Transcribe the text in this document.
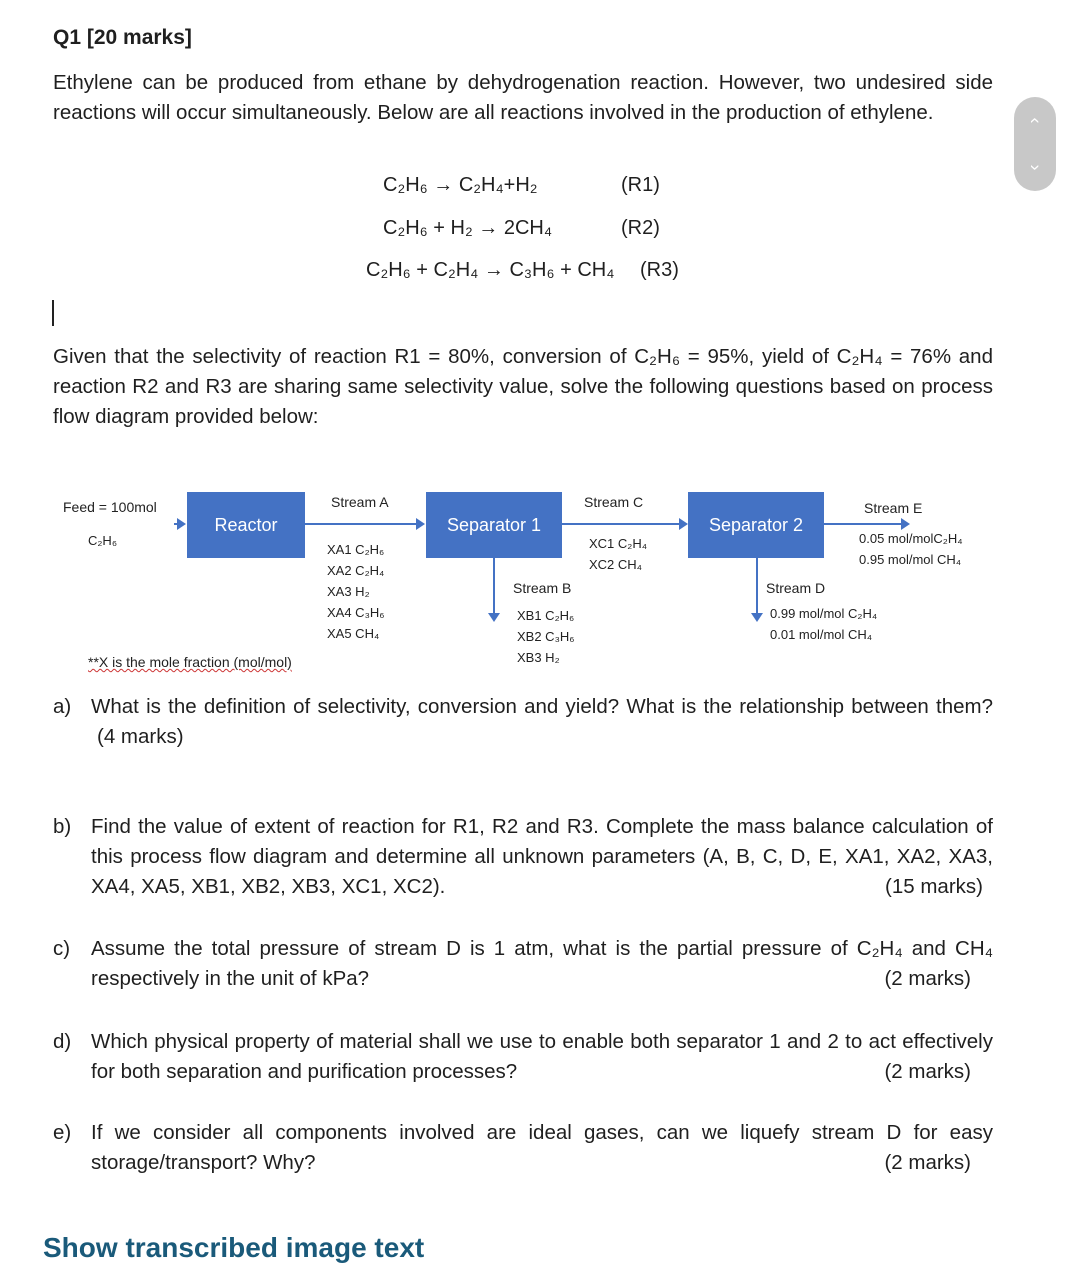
Q1 [20 marks]
Ethylene can be produced from ethane by dehydrogenation reaction. However, two undesired side reactions will occur simultaneously. Below are all reactions involved in the production of ethylene.
C₂H₆ → C₂H₄+H₂	(R1)
C₂H₆ + H₂ → 2CH₄	(R2)
C₂H₆ + C₂H₄ → C₃H₆ + CH₄ (R3)
Given that the selectivity of reaction R1 = 80%, conversion of C₂H₆ = 95%, yield of C₂H₄ = 76% and reaction R2 and R3 are sharing same selectivity value, solve the following questions based on process flow diagram provided below:
Feed = 100mol
C₂H₆
Reactor
Stream A
XA1 C₂H₆
XA2 C₂H₄
XA3 H₂
XA4 C₃H₆
XA5 CH₄
Separator 1
Stream B
XB1 C₂H₆
XB2 C₃H₆
XB3 H₂
Stream C
XC1 C₂H₄
XC2 CH₄
Separator 2
Stream E
0.05 mol/molC₂H₄
0.95 mol/mol CH₄
Stream D
0.99 mol/mol C₂H₄
0.01 mol/mol CH₄
**X is the mole fraction (mol/mol)
a) What is the definition of selectivity, conversion and yield? What is the relationship between them? (4 marks)
b) Find the value of extent of reaction for R1, R2 and R3. Complete the mass balance calculation of this process flow diagram and determine all unknown parameters (A, B, C, D, E, XA1, XA2, XA3, XA4, XA5, XB1, XB2, XB3, XC1, XC2).	(15 marks)
c) Assume the total pressure of stream D is 1 atm, what is the partial pressure of C₂H₄ and CH₄ respectively in the unit of kPa?	(2 marks)
d) Which physical property of material shall we use to enable both separator 1 and 2 to act effectively for both separation and purification processes?	(2 marks)
e) If we consider all components involved are ideal gases, can we liquefy stream D for easy storage/transport? Why?	(2 marks)
Show transcribed image text
‹
›
